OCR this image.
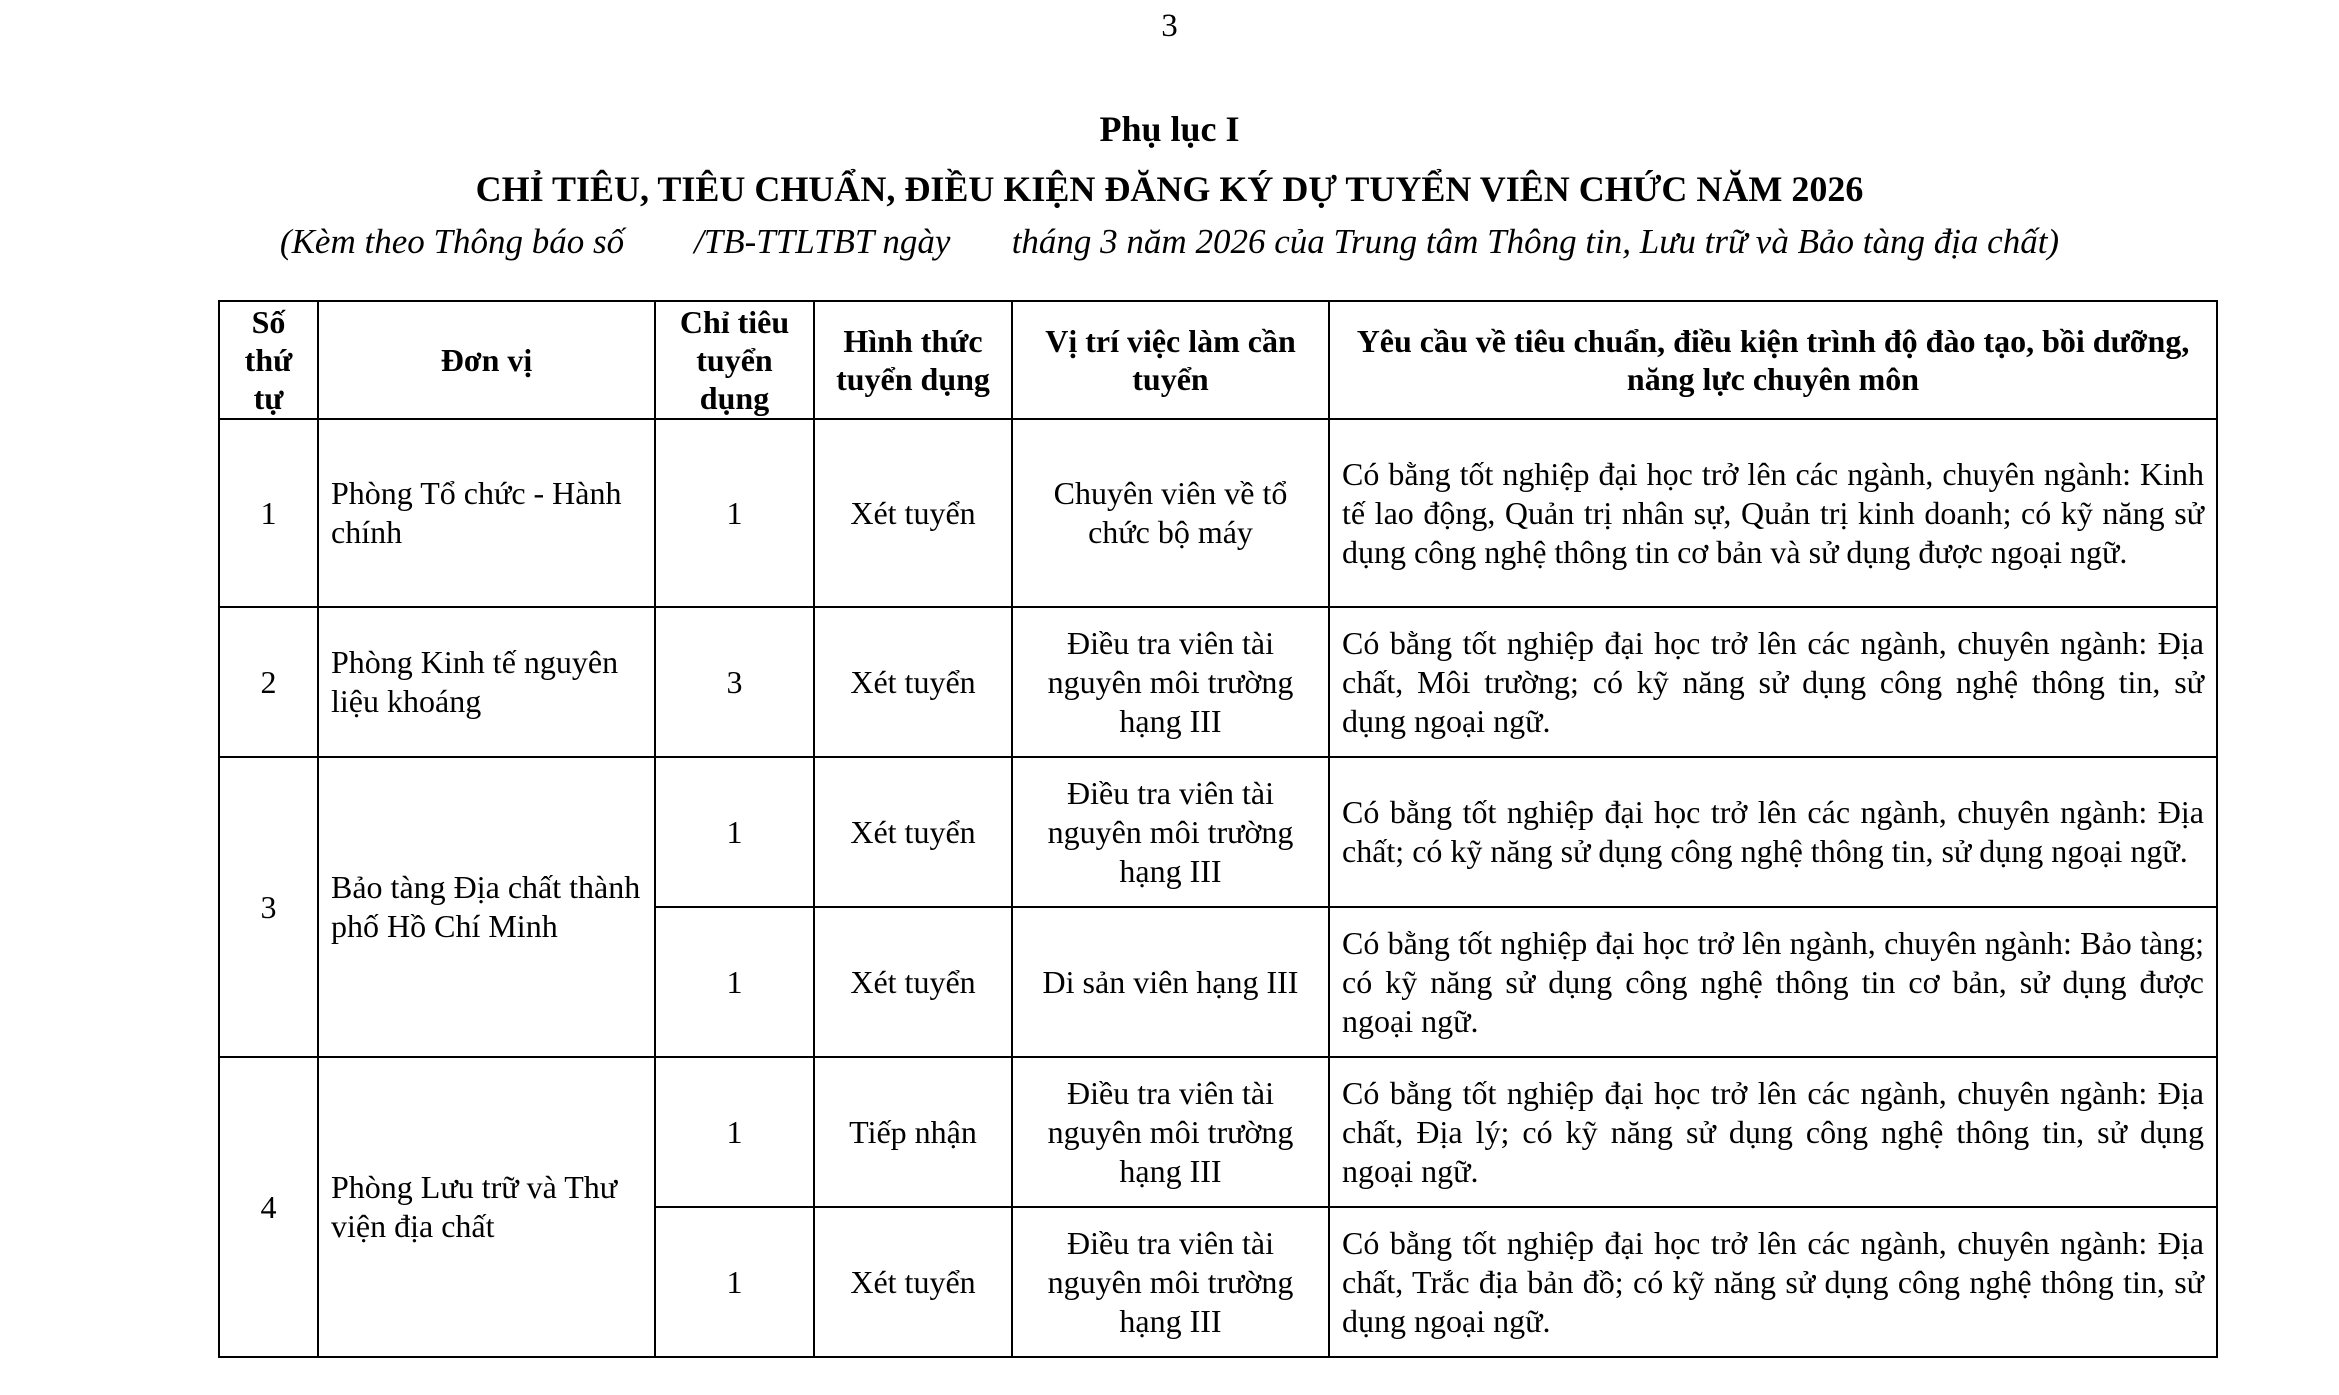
3
Phụ lục I
CHỈ TIÊU, TIÊU CHUẨN, ĐIỀU KIỆN ĐĂNG KÝ DỰ TUYỂN VIÊN CHỨC NĂM 2026
(Kèm theo Thông báo số        /TB-TTLTBT ngày       tháng 3 năm 2026 của Trung tâm Thông tin, Lưu trữ và Bảo tàng địa chất)
Số thứ tự	Đơn vị	Chỉ tiêu tuyển dụng	Hình thức tuyển dụng	Vị trí việc làm cần tuyển	Yêu cầu về tiêu chuẩn, điều kiện trình độ đào tạo, bồi dưỡng, năng lực chuyên môn
1	Phòng Tổ chức - Hành chính	1	Xét tuyển	Chuyên viên về tổ chức bộ máy	Có bằng tốt nghiệp đại học trở lên các ngành, chuyên ngành: Kinh tế lao động, Quản trị nhân sự, Quản trị kinh doanh; có kỹ năng sử dụng công nghệ thông tin cơ bản và sử dụng được ngoại ngữ.
2	Phòng Kinh tế nguyên liệu khoáng	3	Xét tuyển	Điều tra viên tài nguyên môi trường hạng III	Có bằng tốt nghiệp đại học trở lên các ngành, chuyên ngành: Địa chất, Môi trường; có kỹ năng sử dụng công nghệ thông tin, sử dụng ngoại ngữ.
3	Bảo tàng Địa chất thành phố Hồ Chí Minh	1	Xét tuyển	Điều tra viên tài nguyên môi trường hạng III	Có bằng tốt nghiệp đại học trở lên các ngành, chuyên ngành: Địa chất; có kỹ năng sử dụng công nghệ thông tin, sử dụng ngoại ngữ.
		1	Xét tuyển	Di sản viên hạng III	Có bằng tốt nghiệp đại học trở lên ngành, chuyên ngành: Bảo tàng; có kỹ năng sử dụng công nghệ thông tin cơ bản, sử dụng được ngoại ngữ.
4	Phòng Lưu trữ và Thư viện địa chất	1	Tiếp nhận	Điều tra viên tài nguyên môi trường hạng III	Có bằng tốt nghiệp đại học trở lên các ngành, chuyên ngành: Địa chất, Địa lý; có kỹ năng sử dụng công nghệ thông tin, sử dụng ngoại ngữ.
		1	Xét tuyển	Điều tra viên tài nguyên môi trường hạng III	Có bằng tốt nghiệp đại học trở lên các ngành, chuyên ngành: Địa chất, Trắc địa bản đồ; có kỹ năng sử dụng công nghệ thông tin, sử dụng ngoại ngữ.
